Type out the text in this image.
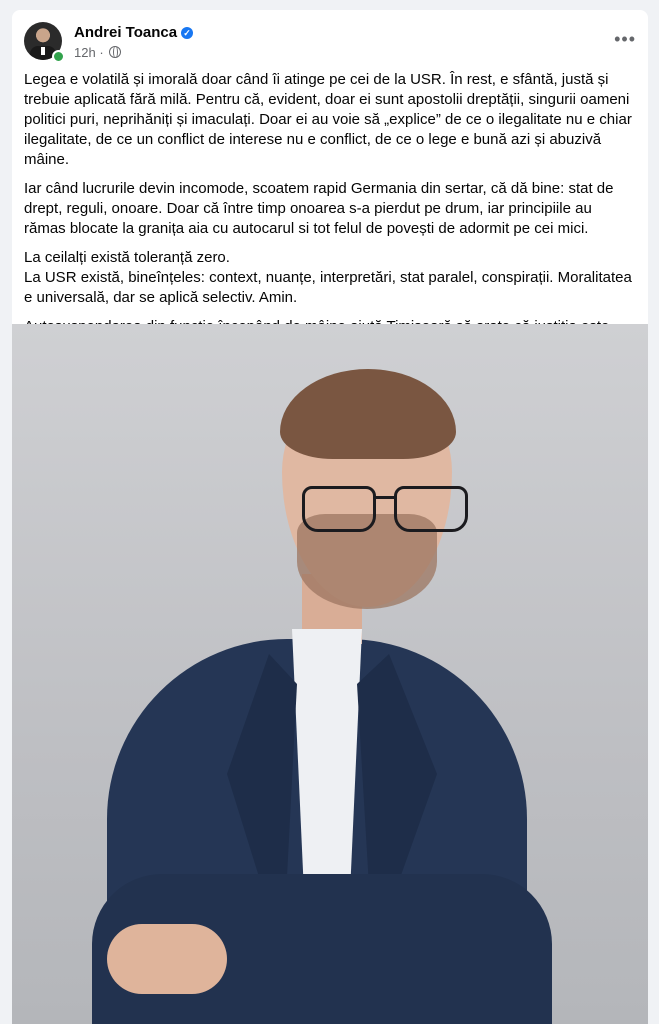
Andrei Toanca ✓
12h ·
•••

Legea e volatilă și imorală doar când îi atinge pe cei de la USR. În rest, e sfântă, justă și trebuie aplicată fără milă. Pentru că, evident, doar ei sunt apostolii dreptății, singurii oameni politici puri, neprihăniți și imaculați. Doar ei au voie să „explice” de ce o ilegalitate nu e chiar ilegalitate, de ce un conflict de interese nu e conflict, de ce o lege e bună azi și abuzivă mâine.

Iar când lucrurile devin incomode, scoatem rapid Germania din sertar, că dă bine: stat de drept, reguli, onoare. Doar că între timp onoarea s-a pierdut pe drum, iar principiile au rămas blocate la granița aia cu autocarul si tot felul de povești de adormit pe cei mici.

La ceilalți există toleranță zero.

La USR există, bineînțeles: context, nuanțe, interpretări, stat paralel, conspirații. Moralitatea e universală, dar se aplică selectiv. Amin.
